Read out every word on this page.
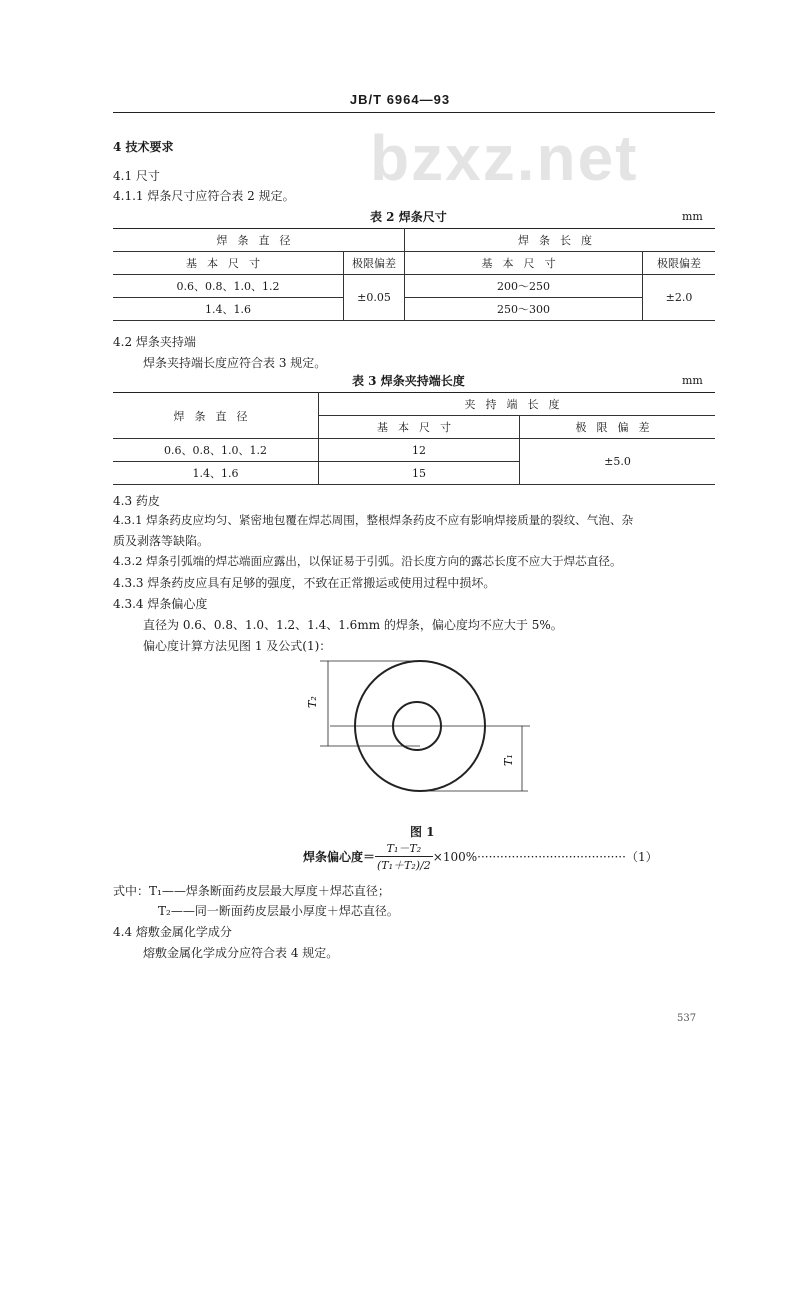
JB/T 6964—93
bzxz.net
4 技术要求
4.1 尺寸
4.1.1 焊条尺寸应符合表 2 规定。
表 2 焊条尺寸	mm
焊条直径		焊条长度	
基本尺寸	极限偏差	基本尺寸	极限偏差
0.6、0.8、1.0、1.2	±0.05	200～250	±2.0
1.4、1.6		250～300	
4.2 焊条夹持端
焊条夹持端长度应符合表 3 规定。
表 3 焊条夹持端长度	mm
焊条直径	夹持端长度	
	基本尺寸	极限偏差
0.6、0.8、1.0、1.2	12	±5.0
1.4、1.6	15	
4.3 药皮
4.3.1 焊条药皮应均匀、紧密地包覆在焊芯周围，整根焊条药皮不应有影响焊接质量的裂纹、气泡、杂
质及剥落等缺陷。
4.3.2 焊条引弧端的焊芯端面应露出，以保证易于引弧。沿长度方向的露芯长度不应大于焊芯直径。
4.3.3 焊条药皮应具有足够的强度，不致在正常搬运或使用过程中损坏。
4.3.4 焊条偏心度
直径为 0.6、0.8、1.0、1.2、1.4、1.6mm 的焊条，偏心度均不应大于 5%。
偏心度计算方法见图 1 及公式(1)：
T₂
T₁
图 1
焊条偏心度＝ $\frac{\text{T₁－T₂}}{\text{(T₁＋T₂)/2}} \times 100\%$ ······································· （1）
式中：T₁——焊条断面药皮层最大厚度＋焊芯直径；
T₂——同一断面药皮层最小厚度＋焊芯直径。
4.4 熔敷金属化学成分
熔敷金属化学成分应符合表 4 规定。
537
